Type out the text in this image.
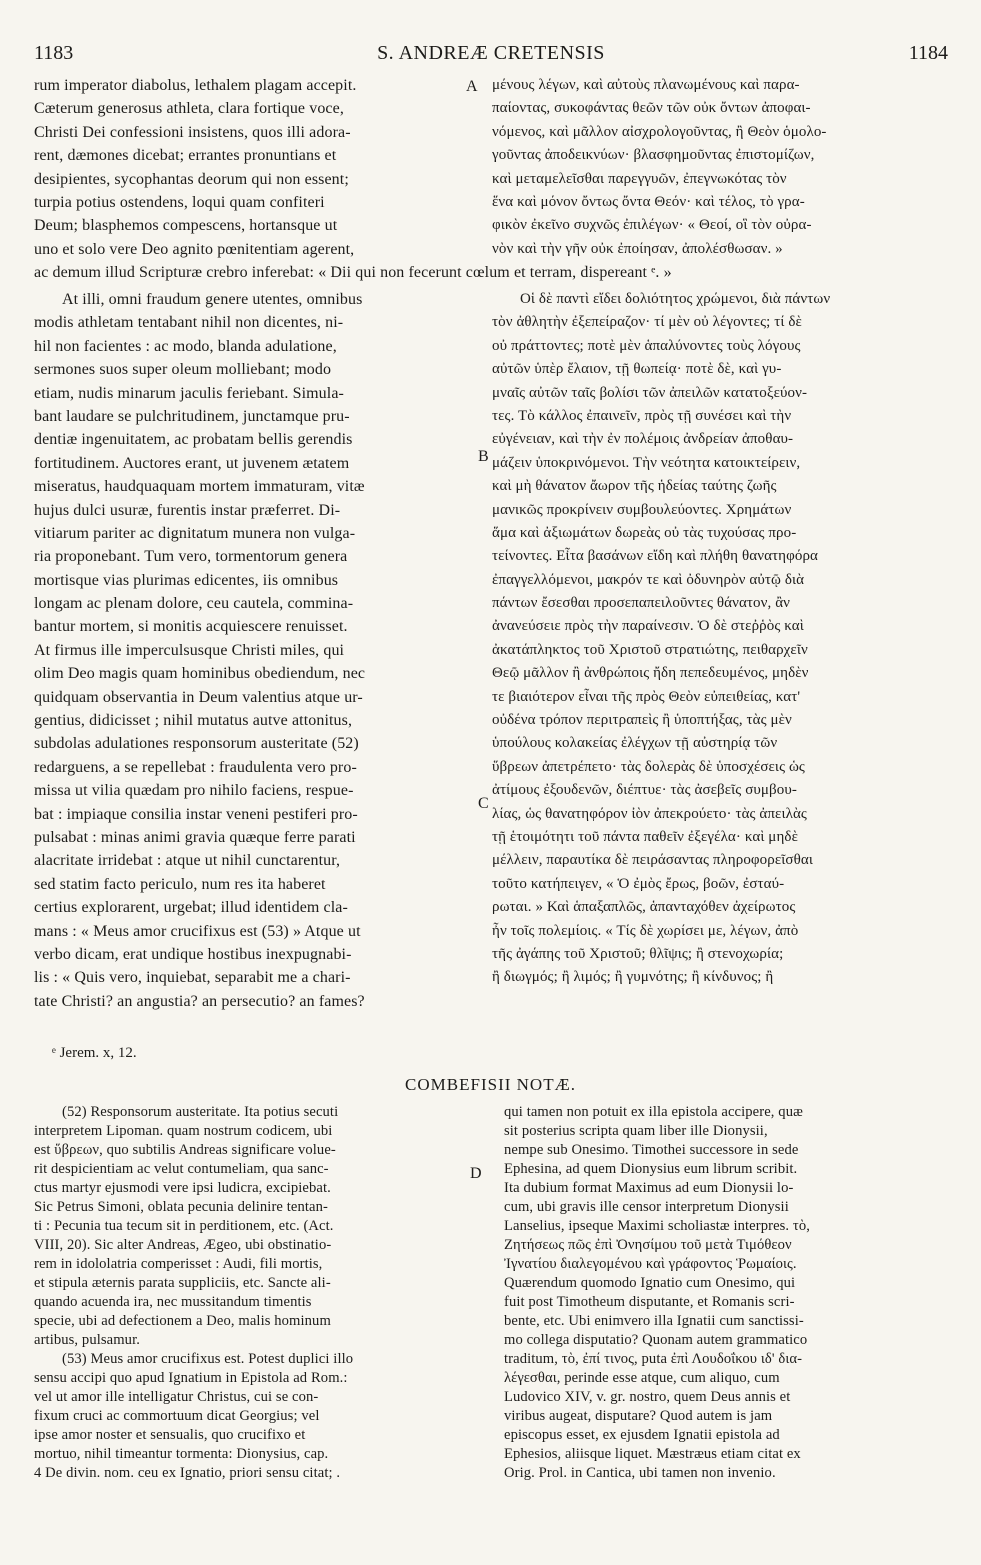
1183	S. ANDREÆ CRETENSIS	1184
A
B
C
D
rum imperator diabolus, lethalem plagam accepit.
Cæterum generosus athleta, clara fortique voce,
Christi Dei confessioni insistens, quos illi adora-
rent, dæmones dicebat; errantes pronuntians et
desipientes, sycophantas deorum qui non essent;
turpia potius ostendens, loqui quam confiteri
Deum; blasphemos compescens, hortansque ut
uno et solo vere Deo agnito pœnitentiam agerent,
μένους λέγων, καὶ αὐτοὺς πλανωμένους καὶ παρα-
παίοντας, συκοφάντας θεῶν τῶν οὐκ ὄντων ἀποφαι-
νόμενος, καὶ μᾶλλον αἰσχρολογοῦντας, ἢ Θεὸν ὁμολο-
γοῦντας ἀποδεικνύων· βλασφημοῦντας ἐπιστομίζων,
καὶ μεταμελεῖσθαι παρεγγυῶν, ἐπεγνωκότας τὸν
ἕνα καὶ μόνον ὄντως ὄντα Θεόν· καὶ τέλος, τὸ γρα-
φικὸν ἐκεῖνο συχνῶς ἐπιλέγων· « Θεοί, οἳ τὸν οὐρα-
νὸν καὶ τὴν γῆν οὐκ ἐποίησαν, ἀπολέσθωσαν. »
ac demum illud Scripturæ crebro inferebat: « Dii qui non fecerunt cœlum et terram, dispereant ᵉ. »
At illi, omni fraudum genere utentes, omnibus
modis athletam tentabant nihil non dicentes, ni-
hil non facientes : ac modo, blanda adulatione,
sermones suos super oleum molliebant; modo
etiam, nudis minarum jaculis feriebant. Simula-
bant laudare se pulchritudinem, junctamque pru-
dentiæ ingenuitatem, ac probatam bellis gerendis
fortitudinem. Auctores erant, ut juvenem ætatem
miseratus, haudquaquam mortem immaturam, vitæ
hujus dulci usuræ, furentis instar præferret. Di-
vitiarum pariter ac dignitatum munera non vulga-
ria proponebant. Tum vero, tormentorum genera
mortisque vias plurimas edicentes, iis omnibus
longam ac plenam dolore, ceu cautela, commina-
bantur mortem, si monitis acquiescere renuisset.
At firmus ille imperculsusque Christi miles, qui
olim Deo magis quam hominibus obediendum, nec
quidquam observantia in Deum valentius atque ur-
gentius, didicisset ; nihil mutatus autve attonitus,
subdolas adulationes responsorum austeritate (52)
redarguens, a se repellebat : fraudulenta vero pro-
missa ut vilia quædam pro nihilo faciens, respue-
bat : impiaque consilia instar veneni pestiferi pro-
pulsabat : minas animi gravia quæque ferre parati
alacritate irridebat : atque ut nihil cunctarentur,
sed statim facto periculo, num res ita haberet
certius explorarent, urgebat; illud identidem cla-
mans : « Meus amor crucifixus est (53) » Atque ut
verbo dicam, erat undique hostibus inexpugnabi-
lis : « Quis vero, inquiebat, separabit me a chari-
tate Christi? an angustia? an persecutio? an fames?
Οἱ δὲ παντὶ εἴδει δολιότητος χρώμενοι, διὰ πάντων
τὸν ἀθλητὴν ἐξεπείραζον· τί μὲν οὐ λέγοντες; τί δὲ
οὐ πράττοντες; ποτὲ μὲν ἁπαλύνοντες τοὺς λόγους
αὐτῶν ὑπὲρ ἔλαιον, τῇ θωπείᾳ· ποτὲ δὲ, καὶ γυ-
μναῖς αὐτῶν ταῖς βολίσι τῶν ἀπειλῶν κατατοξεύον-
τες. Τὸ κάλλος ἐπαινεῖν, πρὸς τῇ συνέσει καὶ τὴν
εὐγένειαν, καὶ τὴν ἐν πολέμοις ἀνδρείαν ἀποθαυ-
μάζειν ὑποκρινόμενοι. Τὴν νεότητα κατοικτείρειν,
καὶ μὴ θάνατον ἄωρον τῆς ἡδείας ταύτης ζωῆς
μανικῶς προκρίνειν συμβουλεύοντες. Χρημάτων
ἅμα καὶ ἀξιωμάτων δωρεὰς οὐ τὰς τυχούσας προ-
τείνοντες. Εἶτα βασάνων εἴδη καὶ πλήθη θανατηφόρα
ἐπαγγελλόμενοι, μακρόν τε καὶ ὀδυνηρὸν αὐτῷ διὰ
πάντων ἔσεσθαι προσεπαπειλοῦντες θάνατον, ἂν
ἀνανεύσειε πρὸς τὴν παραίνεσιν. Ὁ δὲ στεῤῥὸς καὶ
ἀκατάπληκτος τοῦ Χριστοῦ στρατιώτης, πειθαρχεῖν
Θεῷ μᾶλλον ἢ ἀνθρώποις ἤδη πεπεδευμένος, μηδὲν
τε βιαιότερον εἶναι τῆς πρὸς Θεὸν εὐπειθείας, κατ'
οὐδένα τρόπον περιτραπεὶς ἢ ὑποπτήξας, τὰς μὲν
ὑπούλους κολακείας ἐλέγχων τῇ αὐστηρίᾳ τῶν
ὕβρεων ἀπετρέπετο· τὰς δολερὰς δὲ ὑποσχέσεις ὡς
ἀτίμους ἐξουδενῶν, διέπτυε· τὰς ἀσεβεῖς συμβου-
λίας, ὡς θανατηφόρον ἰὸν ἀπεκρούετο· τὰς ἀπειλὰς
τῇ ἑτοιμότητι τοῦ πάντα παθεῖν ἐξεγέλα· καὶ μηδὲ
μέλλειν, παραυτίκα δὲ πειράσαντας πληροφορεῖσθαι
τοῦτο κατήπειγεν, « Ὁ ἐμὸς ἔρως, βοῶν, ἐσταύ-
ρωται. » Καὶ ἁπαξαπλῶς, ἁπανταχόθεν ἀχείρωτος
ἦν τοῖς πολεμίοις. « Τίς δὲ χωρίσει με, λέγων, ἀπὸ
τῆς ἀγάπης τοῦ Χριστοῦ; θλῖψις; ἢ στενοχωρία;
ἢ διωγμός; ἢ λιμός; ἢ γυμνότης; ἢ κίνδυνος; ἢ
ᵉ Jerem. x, 12.
COMBEFISII NOTÆ.
(52) Responsorum austeritate. Ita potius secuti
interpretem Lipoman. quam nostrum codicem, ubi
est ὕβρεων, quo subtilis Andreas significare volue-
rit despicientiam ac velut contumeliam, qua sanc-
ctus martyr ejusmodi vere ipsi ludicra, excipiebat.
Sic Petrus Simoni, oblata pecunia delinire tentan-
ti : Pecunia tua tecum sit in perditionem, etc. (Act.
VIII, 20). Sic alter Andreas, Ægeo, ubi obstinatio-
rem in idololatria comperisset : Audi, fili mortis,
et stipula æternis parata suppliciis, etc. Sancte ali-
quando acuenda ira, nec mussitandum timentis
specie, ubi ad defectionem a Deo, malis hominum
artibus, pulsamur.
(53) Meus amor crucifixus est. Potest duplici illo
sensu accipi quo apud Ignatium in Epistola ad Rom.:
vel ut amor ille intelligatur Christus, cui se con-
fixum cruci ac commortuum dicat Georgius; vel
ipse amor noster et sensualis, quo crucifixo et
mortuo, nihil timeantur tormenta: Dionysius, cap.
4 De divin. nom. ceu ex Ignatio, priori sensu citat; .
qui tamen non potuit ex illa epistola accipere, quæ
sit posterius scripta quam liber ille Dionysii,
nempe sub Onesimo. Timothei successore in sede
Ephesina, ad quem Dionysius eum librum scribit.
Ita dubium format Maximus ad eum Dionysii lo-
cum, ubi gravis ille censor interpretum Dionysii
Lanselius, ipseque Maximi scholiastæ interpres. τὸ,
Ζητήσεως πῶς ἐπὶ Ὀνησίμου τοῦ μετὰ Τιμόθεον
Ἰγνατίου διαλεγομένου καὶ γράφοντος Ῥωμαίοις.
Quærendum quomodo Ignatio cum Onesimo, qui
fuit post Timotheum disputante, et Romanis scri-
bente, etc. Ubi enimvero illa Ignatii cum sanctissi-
mo collega disputatio? Quonam autem grammatico
traditum, τὸ, ἐπί τινος, puta ἐπὶ Λουδοΐκου ιδ' δια-
λέγεσθαι, perinde esse atque, cum aliquo, cum
Ludovico XIV, v. gr. nostro, quem Deus annis et
viribus augeat, disputare? Quod autem is jam
episcopus esset, ex ejusdem Ignatii epistola ad
Ephesios, aliisque liquet. Mæstræus etiam citat ex
Orig. Prol. in Cantica, ubi tamen non invenio.
